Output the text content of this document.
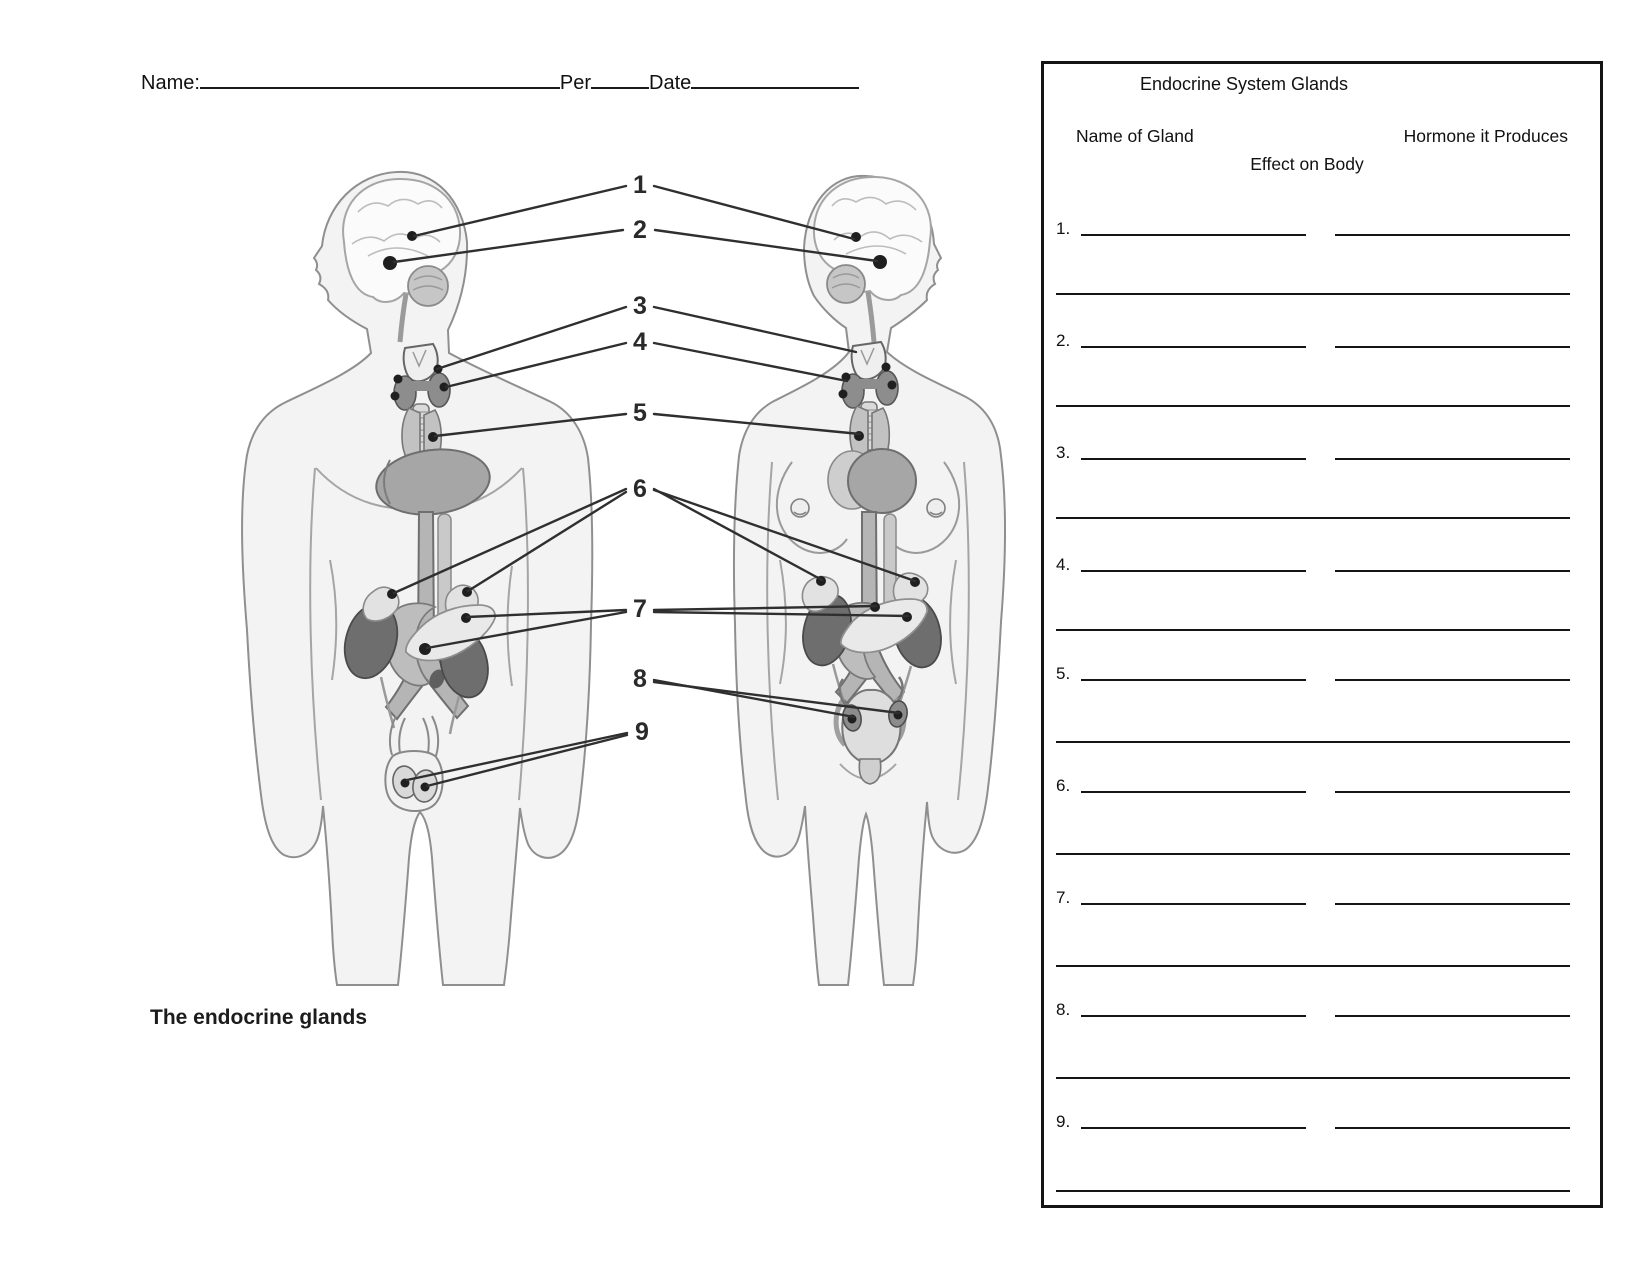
Name:	Per	Date
1
2
3
4
5
6
7
8
9
The endocrine glands
Endocrine System Glands
Name of Gland	Hormone it Produces
Effect on Body
1.
2.
3.
4.
5.
6.
7.
8.
9.
